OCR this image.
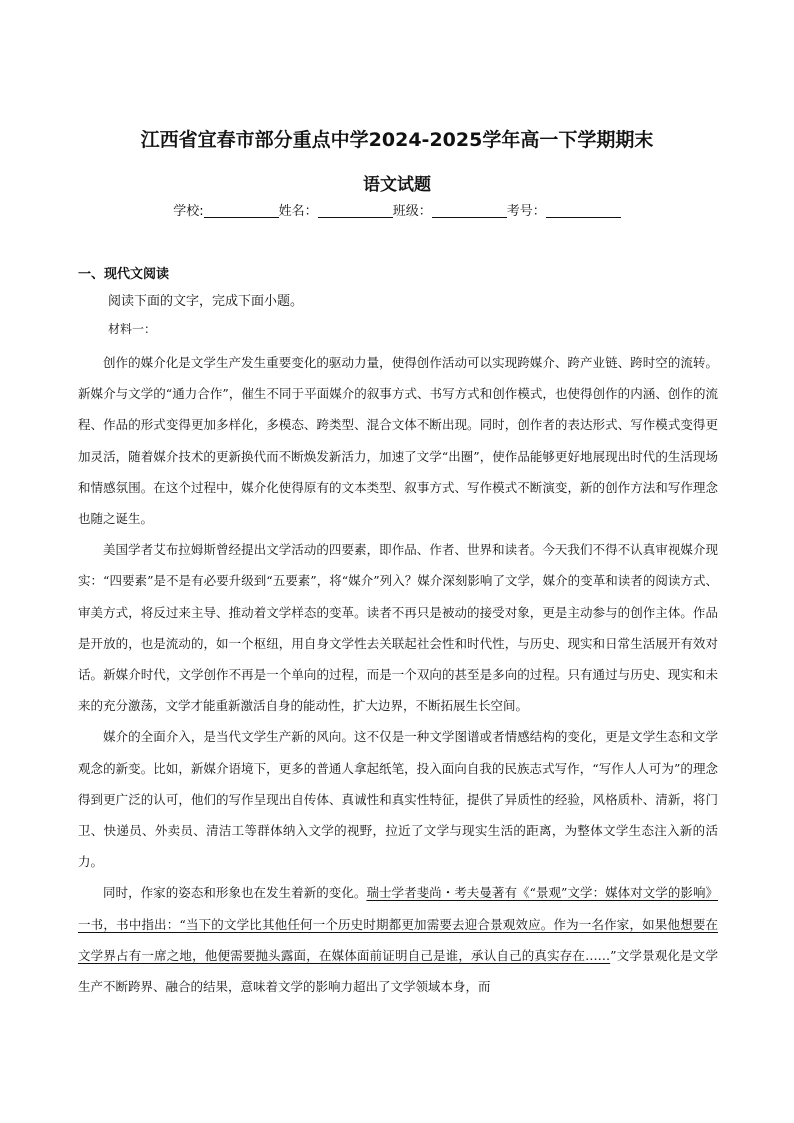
江西省宜春市部分重点中学2024-2025学年高一下学期期末
语文试题
学校:	姓名：	班级：	考号：
一、现代文阅读
阅读下面的文字，完成下面小题。
材料一：

创作的媒介化是文学生产发生重要变化的驱动力量，使得创作活动可以实现跨媒介、跨产业链、跨时空的流转。新媒介与文学的“通力合作”，催生不同于平面媒介的叙事方式、书写方式和创作模式，也使得创作的内涵、创作的流程、作品的形式变得更加多样化，多模态、跨类型、混合文体不断出现。同时，创作者的表达形式、写作模式变得更加灵活，随着媒介技术的更新换代而不断焕发新活力，加速了文学“出圈”，使作品能够更好地展现出时代的生活现场和情感氛围。在这个过程中，媒介化使得原有的文本类型、叙事方式、写作模式不断演变，新的创作方法和写作理念也随之诞生。

美国学者艾布拉姆斯曾经提出文学活动的四要素，即作品、作者、世界和读者。今天我们不得不认真审视媒介现实：“四要素”是不是有必要升级到“五要素”，将“媒介”列入？媒介深刻影响了文学，媒介的变革和读者的阅读方式、审美方式，将反过来主导、推动着文学样态的变革。读者不再只是被动的接受对象，更是主动参与的创作主体。作品是开放的，也是流动的，如一个枢纽，用自身文学性去关联起社会性和时代性，与历史、现实和日常生活展开有效对话。新媒介时代，文学创作不再是一个单向的过程，而是一个双向的甚至是多向的过程。只有通过与历史、现实和未来的充分激荡，文学才能重新激活自身的能动性，扩大边界，不断拓展生长空间。

媒介的全面介入，是当代文学生产新的风向。这不仅是一种文学图谱或者情感结构的变化，更是文学生态和文学观念的新变。比如，新媒介语境下，更多的普通人拿起纸笔，投入面向自我的民族志式写作，“写作人人可为”的理念得到更广泛的认可，他们的写作呈现出自传体、真诚性和真实性特征，提供了异质性的经验，风格质朴、清新，将门卫、快递员、外卖员、清洁工等群体纳入文学的视野，拉近了文学与现实生活的距离，为整体文学生态注入新的活力。

同时，作家的姿态和形象也在发生着新的变化。瑞士学者斐尚・考夫曼著有《“景观”文学：媒体对文学的影响》一书，书中指出：“当下的文学比其他任何一个历史时期都更加需要去迎合景观效应。作为一名作家，如果他想要在文学界占有一席之地，他便需要抛头露面，在媒体面前证明自己是谁，承认自己的真实存在……”文学景观化是文学生产不断跨界、融合的结果，意味着文学的影响力超出了文学领域本身，而
